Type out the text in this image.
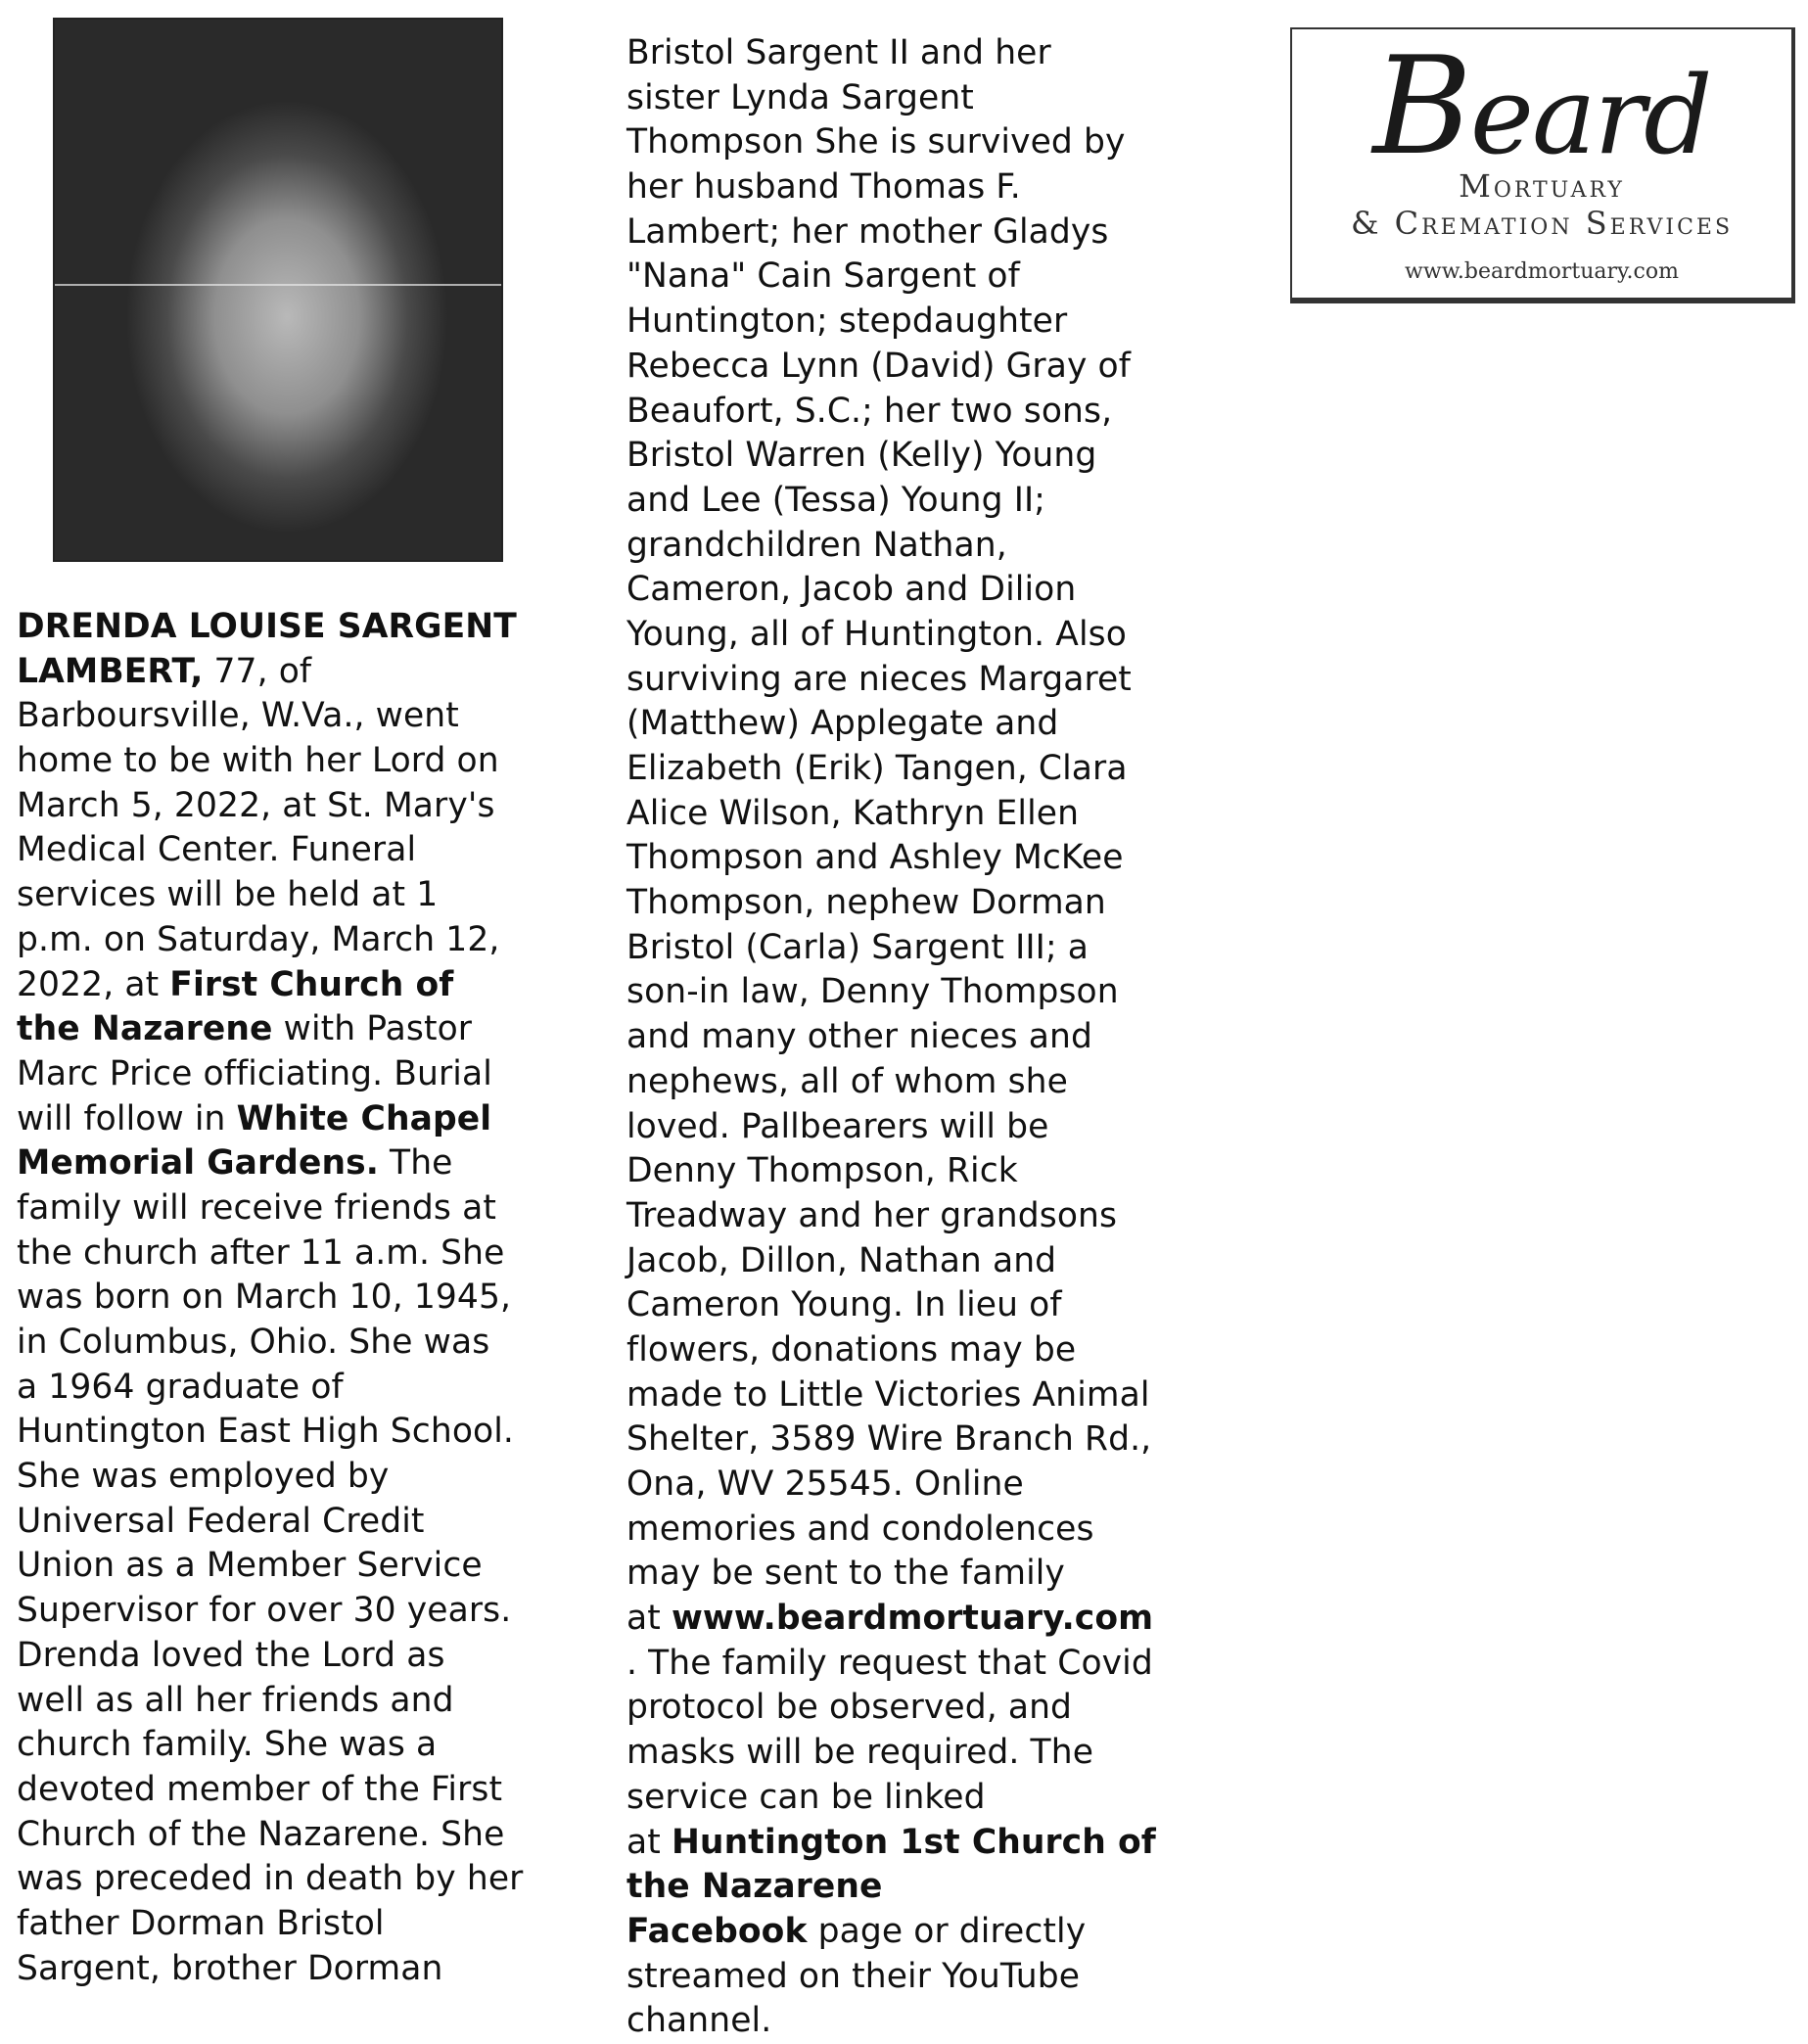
DRENDA LOUISE SARGENT
LAMBERT, 77, of
Barboursville, W.Va., went
home to be with her Lord on
March 5, 2022, at St. Mary's
Medical Center. Funeral
services will be held at 1
p.m. on Saturday, March 12,
2022, at First Church of
the Nazarene with Pastor
Marc Price officiating. Burial
will follow in White Chapel
Memorial Gardens. The
family will receive friends at
the church after 11 a.m. She
was born on March 10, 1945,
in Columbus, Ohio. She was
a 1964 graduate of
Huntington East High School.
She was employed by
Universal Federal Credit
Union as a Member Service
Supervisor for over 30 years.
Drenda loved the Lord as
well as all her friends and
church family. She was a
devoted member of the First
Church of the Nazarene. She
was preceded in death by her
father Dorman Bristol
Sargent, brother Dorman
Bristol Sargent II and her
sister Lynda Sargent
Thompson She is survived by
her husband Thomas F.
Lambert; her mother Gladys
"Nana" Cain Sargent of
Huntington; stepdaughter
Rebecca Lynn (David) Gray of
Beaufort, S.C.; her two sons,
Bristol Warren (Kelly) Young
and Lee (Tessa) Young II;
grandchildren Nathan,
Cameron, Jacob and Dilion
Young, all of Huntington. Also
surviving are nieces Margaret
(Matthew) Applegate and
Elizabeth (Erik) Tangen, Clara
Alice Wilson, Kathryn Ellen
Thompson and Ashley McKee
Thompson, nephew Dorman
Bristol (Carla) Sargent III; a
son-in law, Denny Thompson
and many other nieces and
nephews, all of whom she
loved. Pallbearers will be
Denny Thompson, Rick
Treadway and her grandsons
Jacob, Dillon, Nathan and
Cameron Young. In lieu of
flowers, donations may be
made to Little Victories Animal
Shelter, 3589 Wire Branch Rd.,
Ona, WV 25545. Online
memories and condolences
may be sent to the family
at www.beardmortuary.com
. The family request that Covid
protocol be observed, and
masks will be required. The
service can be linked
at Huntington 1st Church of
the Nazarene
Facebook page or directly
streamed on their YouTube
channel.
Beard
Mortuary
& Cremation Services
www.beardmortuary.com
